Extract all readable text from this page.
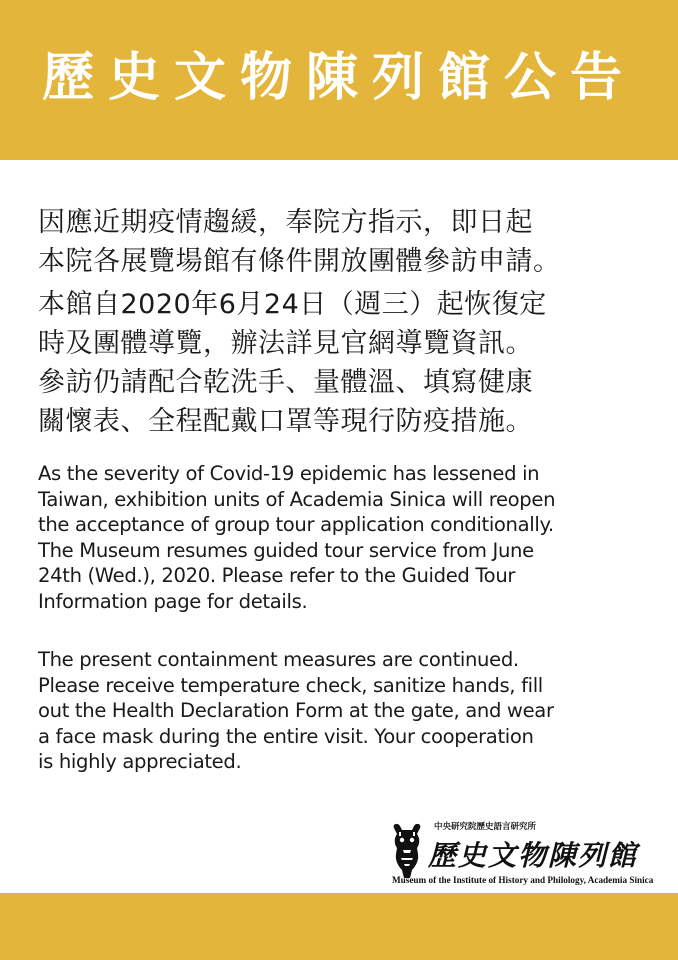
歷史文物陳列館公告
因應近期疫情趨緩，奉院方指示，即日起
本院各展覽場館有條件開放團體參訪申請。
本館自2020年6月24日（週三）起恢復定
時及團體導覽，辦法詳見官網導覽資訊。
參訪仍請配合乾洗手、量體溫、填寫健康
關懷表、全程配戴口罩等現行防疫措施。
As the severity of Covid-19 epidemic has lessened in
Taiwan, exhibition units of Academia Sinica will reopen
the acceptance of group tour application conditionally.
The Museum resumes guided tour service from June
24th (Wed.), 2020. Please refer to the Guided Tour
Information page for details.
The present containment measures are continued.
Please receive temperature check, sanitize hands, fill
out the Health Declaration Form at the gate, and wear
a face mask during the entire visit. Your cooperation
is highly appreciated.
中央研究院歷史語言研究所
歷史文物陳列館
Museum of the Institute of History and Philology, Academia Sinica
